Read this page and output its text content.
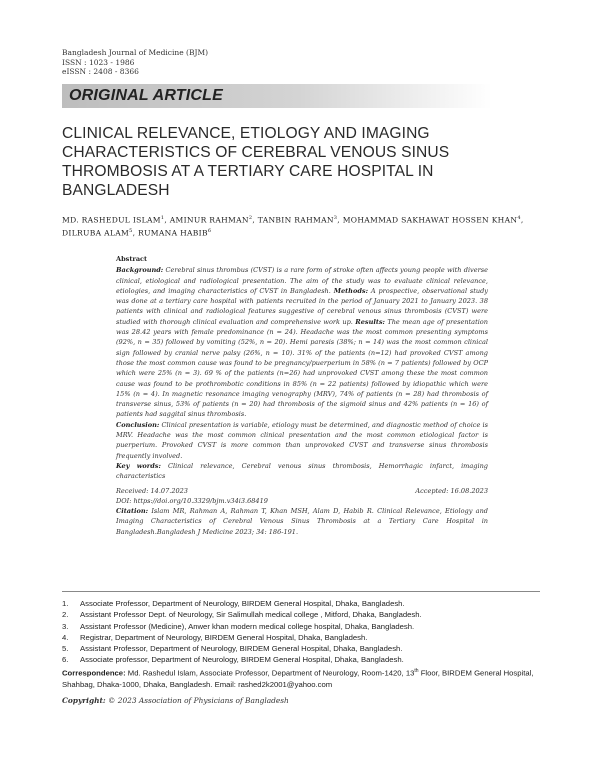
Bangladesh Journal of Medicine (BJM)
ISSN : 1023 - 1986
eISSN : 2408 - 8366
ORIGINAL ARTICLE
CLINICAL RELEVANCE, ETIOLOGY AND IMAGING CHARACTERISTICS OF CEREBRAL VENOUS SINUS THROMBOSIS AT A TERTIARY CARE HOSPITAL IN BANGLADESH
MD. RASHEDUL ISLAM$^1$, AMINUR RAHMAN$^2$, TANBIN RAHMAN$^3$, MOHAMMAD SAKHAWAT HOSSEN KHAN$^4$, DILRUBA ALAM$^5$, RUMANA HABIB$^6$
Abstract

Background: Cerebral sinus thrombus (CVST) is a rare form of stroke often affects young people with diverse clinical, etiological and radiological presentation. The aim of the study was to evaluate clinical relevance, etiologies, and imaging characteristics of CVST in Bangladesh. Methods: A prospective, observational study was done at a tertiary care hospital with patients recruited in the period of January 2021 to January 2023. 38 patients with clinical and radiological features suggestive of cerebral venous sinus thrombosis (CVST) were studied with thorough clinical evaluation and comprehensive work up. Results: The mean age of presentation was 28.42 years with female predominance (n = 24). Headache was the most common presenting symptoms (92%, n = 35) followed by vomiting (52%, n = 20). Hemi paresis (38%; n = 14) was the most common clinical sign followed by cranial nerve palsy (26%, n = 10). 31% of the patients (n=12) had provoked CVST among those the most common cause was found to be pregnancy/puerperium in 58% (n = 7 patients) followed by OCP which were 25% (n = 3). 69 % of the patients (n=26) had unprovoked CVST among these the most common cause was found to be prothrombotic conditions in 85% (n = 22 patients) followed by idiopathic which were 15% (n = 4). In magnetic resonance imaging venography (MRV), 74% of patients (n = 28) had thrombosis of transverse sinus, 53% of patients (n = 20) had thrombosis of the sigmoid sinus and 42% patients (n = 16) of patients had saggital sinus thrombosis.

Conclusion: Clinical presentation is variable, etiology must be determined, and diagnostic method of choice is MRV. Headache was the most common clinical presentation and the most common etiological factor is puerperium. Provoked CVST is more common than unprovoked CVST and transverse sinus thrombosis frequently involved.

Key words: Clinical relevance, Cerebral venous sinus thrombosis, Hemorrhagic infarct, imaging characteristics

Received: 14.07.2023	Accepted: 16.08.2023
DOI: https://doi.org/10.3329/bjm.v34i3.68419

Citation: Islam MR, Rahman A, Rahman T, Khan MSH, Alam D, Habib R. Clinical Relevance, Etiology and Imaging Characteristics of Cerebral Venous Sinus Thrombosis at a Tertiary Care Hospital in Bangladesh.Bangladesh J Medicine 2023; 34: 186-191.

1.	Associate Professor, Department of Neurology, BIRDEM General Hospital, Dhaka, Bangladesh.
2.	Assistant Professor Dept. of Neurology, Sir Salimullah medical college , Mitford, Dhaka, Bangladesh.
3.	Assistant Professor (Medicine), Anwer khan modern medical college hospital, Dhaka, Bangladesh.
4.	Registrar, Department of Neurology, BIRDEM General Hospital, Dhaka, Bangladesh.
5.	Assistant Professor, Department of Neurology, BIRDEM General Hospital, Dhaka, Bangladesh.
6.	Associate professor, Department of Neurology, BIRDEM General Hospital, Dhaka, Bangladesh.
Correspondence: Md. Rashedul Islam, Associate Professor, Department of Neurology, Room-1420, 13th Floor, BIRDEM General Hospital, Shahbag, Dhaka-1000, Dhaka, Bangladesh. Email: rashed2k2001@yahoo.com
Copyright: © 2023 Association of Physicians of Bangladesh
